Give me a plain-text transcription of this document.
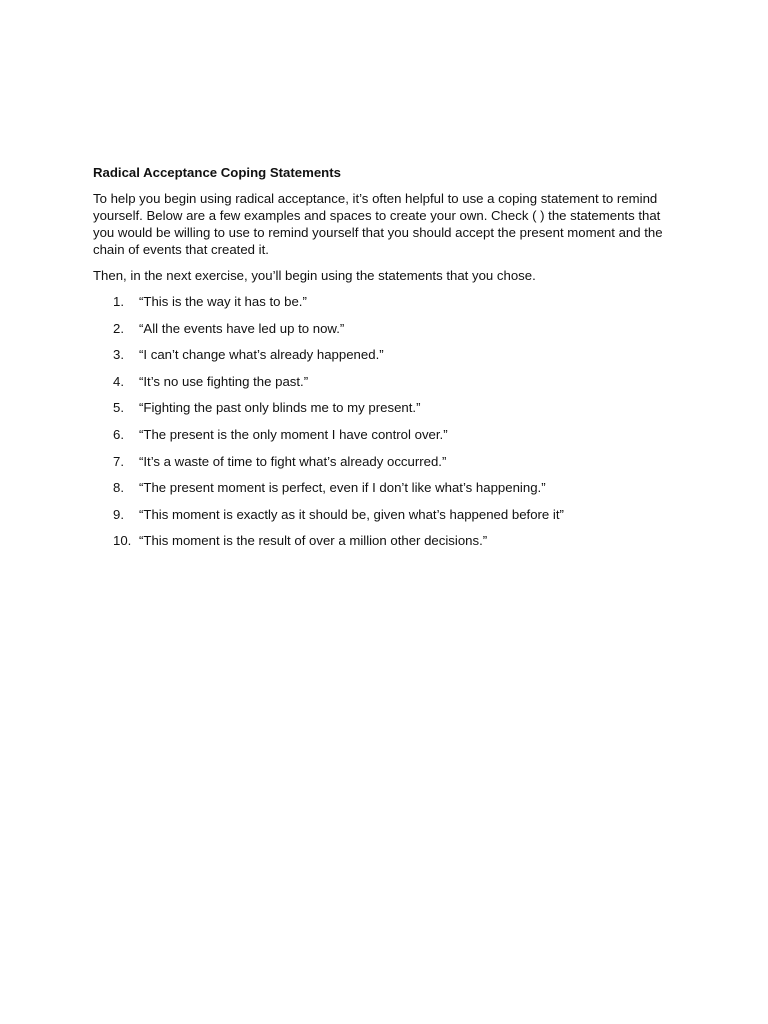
Radical Acceptance Coping Statements

To help you begin using radical acceptance, it’s often helpful to use a coping statement to remind yourself. Below are a few examples and spaces to create your own. Check ( ) the statements that you would be willing to use to remind yourself that you should accept the present moment and the chain of events that created it.

Then, in the next exercise, you’ll begin using the statements that you chose.

1.	“This is the way it has to be.”
2.	“All the events have led up to now.”
3.	“I can’t change what’s already happened.”
4.	“It’s no use fighting the past.”
5.	“Fighting the past only blinds me to my present.”
6.	“The present is the only moment I have control over.”
7.	“It’s a waste of time to fight what’s already occurred.”
8.	“The present moment is perfect, even if I don’t like what’s happening.”
9.	“This moment is exactly as it should be, given what’s happened before it”
10. “This moment is the result of over a million other decisions.”
